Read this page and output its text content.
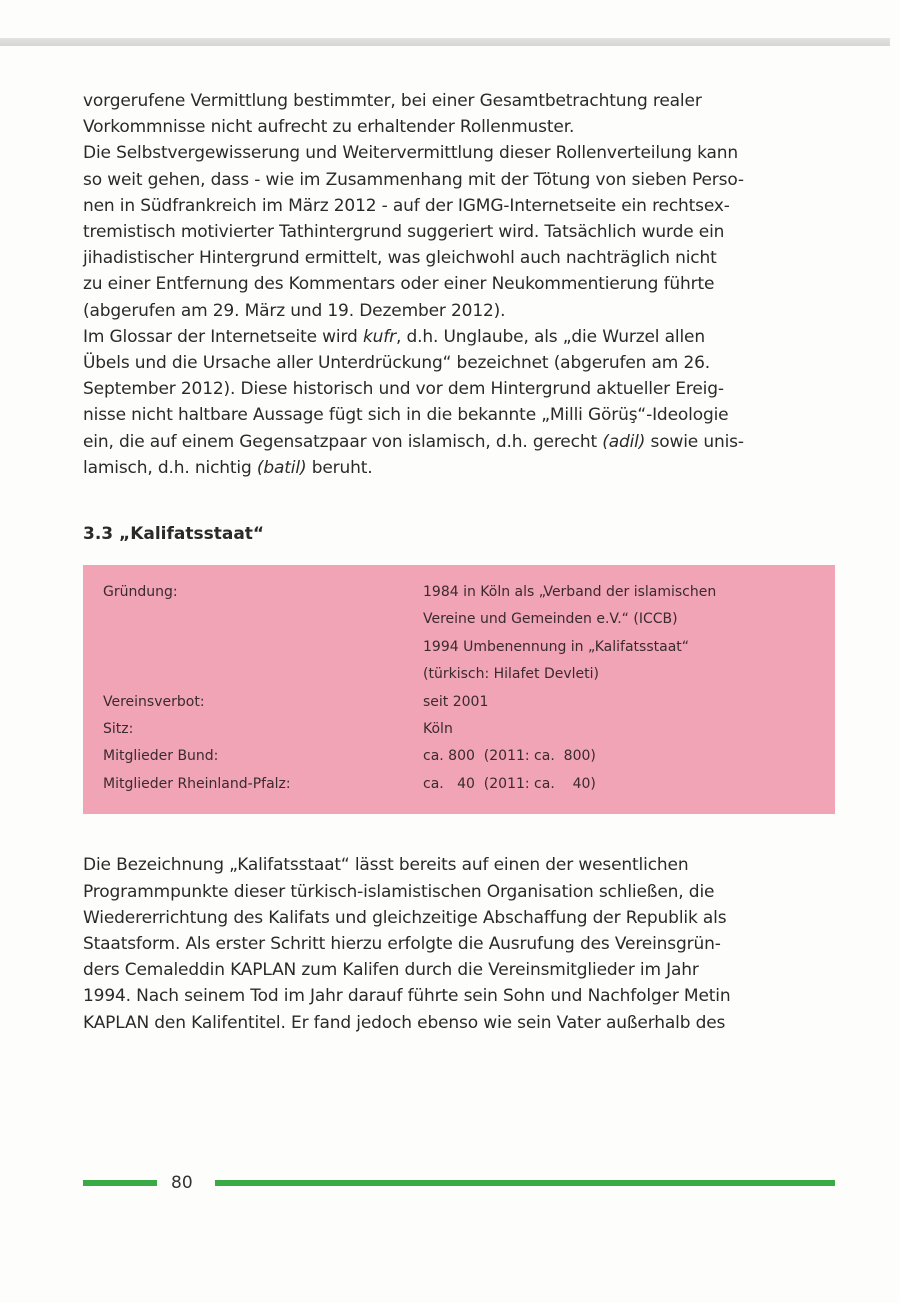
vorgerufene Vermittlung bestimmter, bei einer Gesamtbetrachtung realer
Vorkommnisse nicht aufrecht zu erhaltender Rollenmuster.
Die Selbstvergewisserung und Weitervermittlung dieser Rollenverteilung kann
so weit gehen, dass - wie im Zusammenhang mit der Tötung von sieben Perso-
nen in Südfrankreich im März 2012 - auf der IGMG-Internetseite ein rechtsex-
tremistisch motivierter Tathintergrund suggeriert wird. Tatsächlich wurde ein
jihadistischer Hintergrund ermittelt, was gleichwohl auch nachträglich nicht
zu einer Entfernung des Kommentars oder einer Neukommentierung führte
(abgerufen am 29. März und 19. Dezember 2012).
Im Glossar der Internetseite wird kufr, d.h. Unglaube, als „die Wurzel allen
Übels und die Ursache aller Unterdrückung“ bezeichnet (abgerufen am 26.
September 2012). Diese historisch und vor dem Hintergrund aktueller Ereig-
nisse nicht haltbare Aussage fügt sich in die bekannte „Milli Görüş“-Ideologie
ein, die auf einem Gegensatzpaar von islamisch, d.h. gerecht (adil) sowie unis-
lamisch, d.h. nichtig (batil) beruht.
3.3 „Kalifatsstaat“
Gründung:	1984 in Köln als „Verband der islamischen
Vereine und Gemeinden e.V.“ (ICCB)
1994 Umbenennung in „Kalifatsstaat“
(türkisch: Hilafet Devleti)
Vereinsverbot:	seit 2001
Sitz:	Köln
Mitglieder Bund:	ca. 800  (2011: ca.  800)
Mitglieder Rheinland-Pfalz:	ca.   40  (2011: ca.    40)
Die Bezeichnung „Kalifatsstaat“ lässt bereits auf einen der wesentlichen
Programmpunkte dieser türkisch-islamistischen Organisation schließen, die
Wiedererrichtung des Kalifats und gleichzeitige Abschaffung der Republik als
Staatsform. Als erster Schritt hierzu erfolgte die Ausrufung des Vereinsgrün-
ders Cemaleddin KAPLAN zum Kalifen durch die Vereinsmitglieder im Jahr
1994. Nach seinem Tod im Jahr darauf führte sein Sohn und Nachfolger Metin
KAPLAN den Kalifentitel. Er fand jedoch ebenso wie sein Vater außerhalb des
80
